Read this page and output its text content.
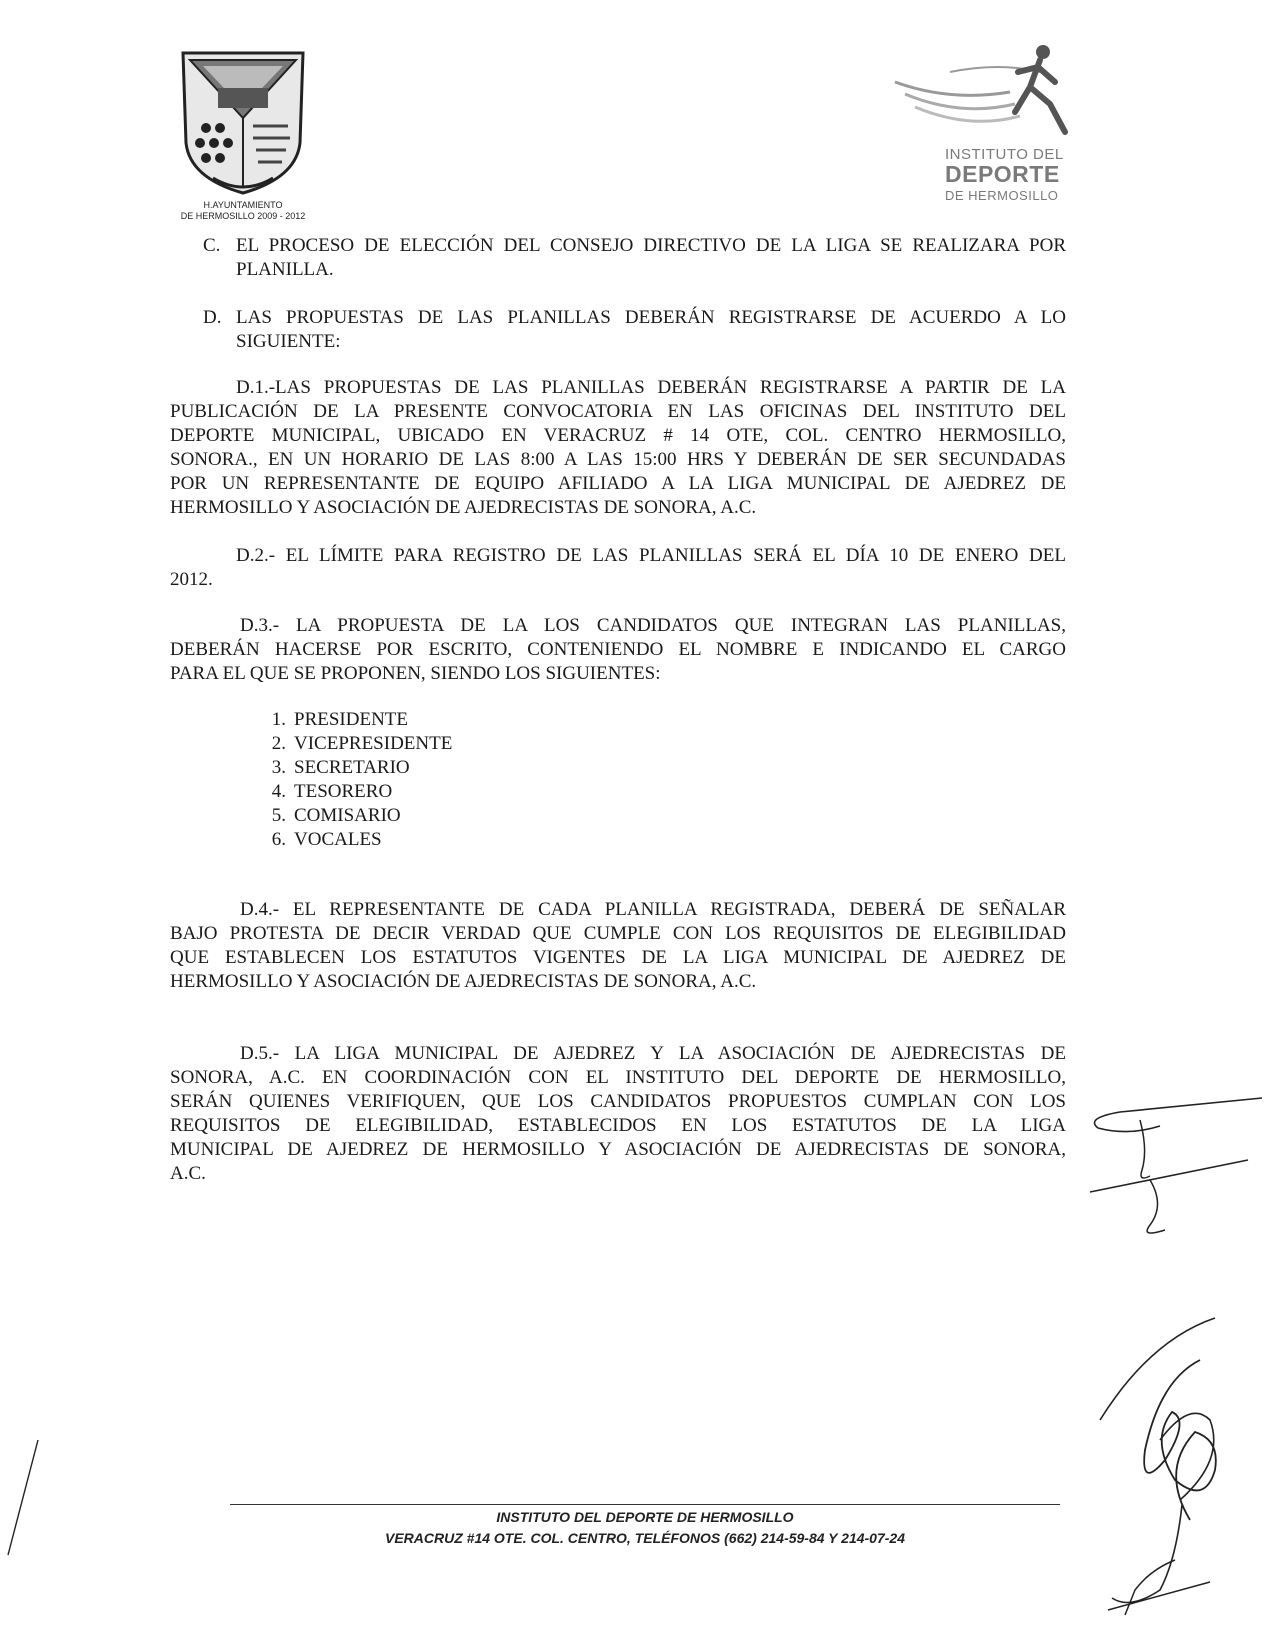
H.AYUNTAMIENTO
DE HERMOSILLO 2009 - 2012
INSTITUTO DEL
DEPORTE
DE HERMOSILLO
C. EL PROCESO DE ELECCIÓN DEL CONSEJO DIRECTIVO DE LA LIGA SE REALIZARA POR
PLANILLA.
D. LAS PROPUESTAS DE LAS PLANILLAS DEBERÁN REGISTRARSE DE ACUERDO A LO
SIGUIENTE:
D.1.-LAS PROPUESTAS DE LAS PLANILLAS DEBERÁN REGISTRARSE A PARTIR DE LA
PUBLICACIÓN DE LA PRESENTE CONVOCATORIA EN LAS OFICINAS DEL INSTITUTO DEL
DEPORTE MUNICIPAL, UBICADO EN VERACRUZ # 14 OTE, COL. CENTRO HERMOSILLO,
SONORA., EN UN HORARIO DE LAS 8:00 A LAS 15:00 HRS Y DEBERÁN DE SER SECUNDADAS
POR UN REPRESENTANTE DE EQUIPO AFILIADO A LA LIGA MUNICIPAL DE AJEDREZ DE
HERMOSILLO Y ASOCIACIÓN DE AJEDRECISTAS DE SONORA, A.C.
D.2.- EL LÍMITE PARA REGISTRO DE LAS PLANILLAS SERÁ EL DÍA 10 DE ENERO DEL
2012.
D.3.- LA PROPUESTA DE LA LOS CANDIDATOS QUE INTEGRAN LAS PLANILLAS,
DEBERÁN HACERSE POR ESCRITO, CONTENIENDO EL NOMBRE E INDICANDO EL CARGO
PARA EL QUE SE PROPONEN, SIENDO LOS SIGUIENTES:
1. PRESIDENTE
2. VICEPRESIDENTE
3. SECRETARIO
4. TESORERO
5. COMISARIO
6. VOCALES
D.4.- EL REPRESENTANTE DE CADA PLANILLA REGISTRADA, DEBERÁ DE SEÑALAR
BAJO PROTESTA DE DECIR VERDAD QUE CUMPLE CON LOS REQUISITOS DE ELEGIBILIDAD
QUE ESTABLECEN LOS ESTATUTOS VIGENTES DE LA LIGA MUNICIPAL DE AJEDREZ DE
HERMOSILLO Y ASOCIACIÓN DE AJEDRECISTAS DE SONORA, A.C.
D.5.- LA LIGA MUNICIPAL DE AJEDREZ Y LA ASOCIACIÓN DE AJEDRECISTAS DE
SONORA, A.C. EN COORDINACIÓN CON EL INSTITUTO DEL DEPORTE DE HERMOSILLO,
SERÁN QUIENES VERIFIQUEN, QUE LOS CANDIDATOS PROPUESTOS CUMPLAN CON LOS
REQUISITOS DE ELEGIBILIDAD, ESTABLECIDOS EN LOS ESTATUTOS DE LA LIGA
MUNICIPAL DE AJEDREZ DE HERMOSILLO Y ASOCIACIÓN DE AJEDRECISTAS DE SONORA,
A.C.
INSTITUTO DEL DEPORTE DE HERMOSILLO
VERACRUZ #14 OTE. COL. CENTRO, TELÉFONOS (662) 214-59-84 Y 214-07-24
